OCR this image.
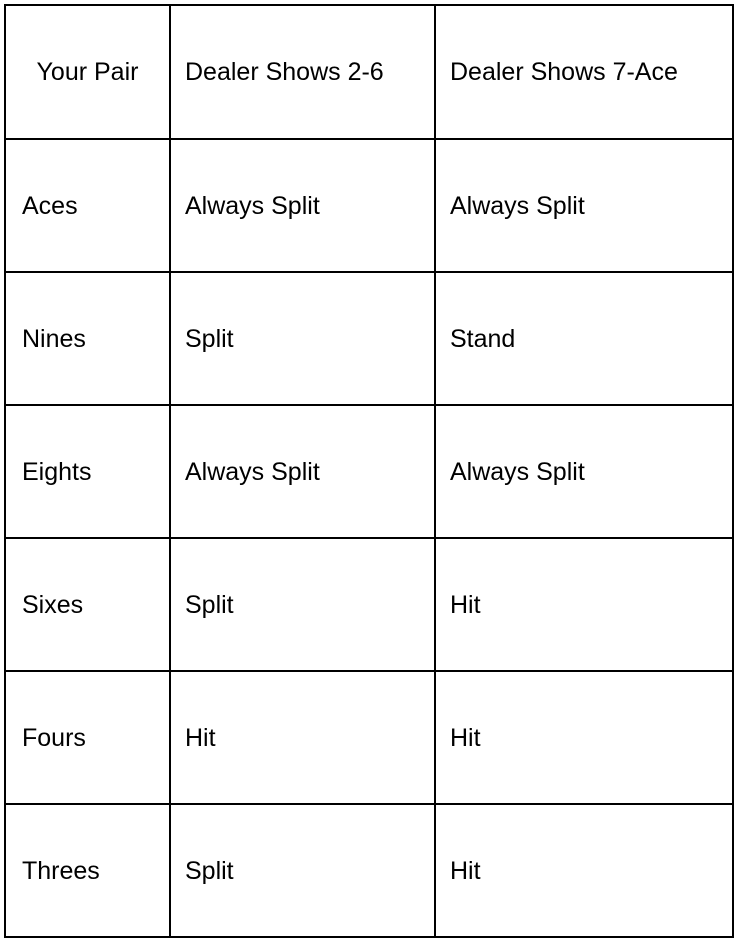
Your Pair	Dealer Shows 2-6	Dealer Shows 7-Ace
Aces	Always Split	Always Split
Nines	Split	Stand
Eights	Always Split	Always Split
Sixes	Split	Hit
Fours	Hit	Hit
Threes	Split	Hit
